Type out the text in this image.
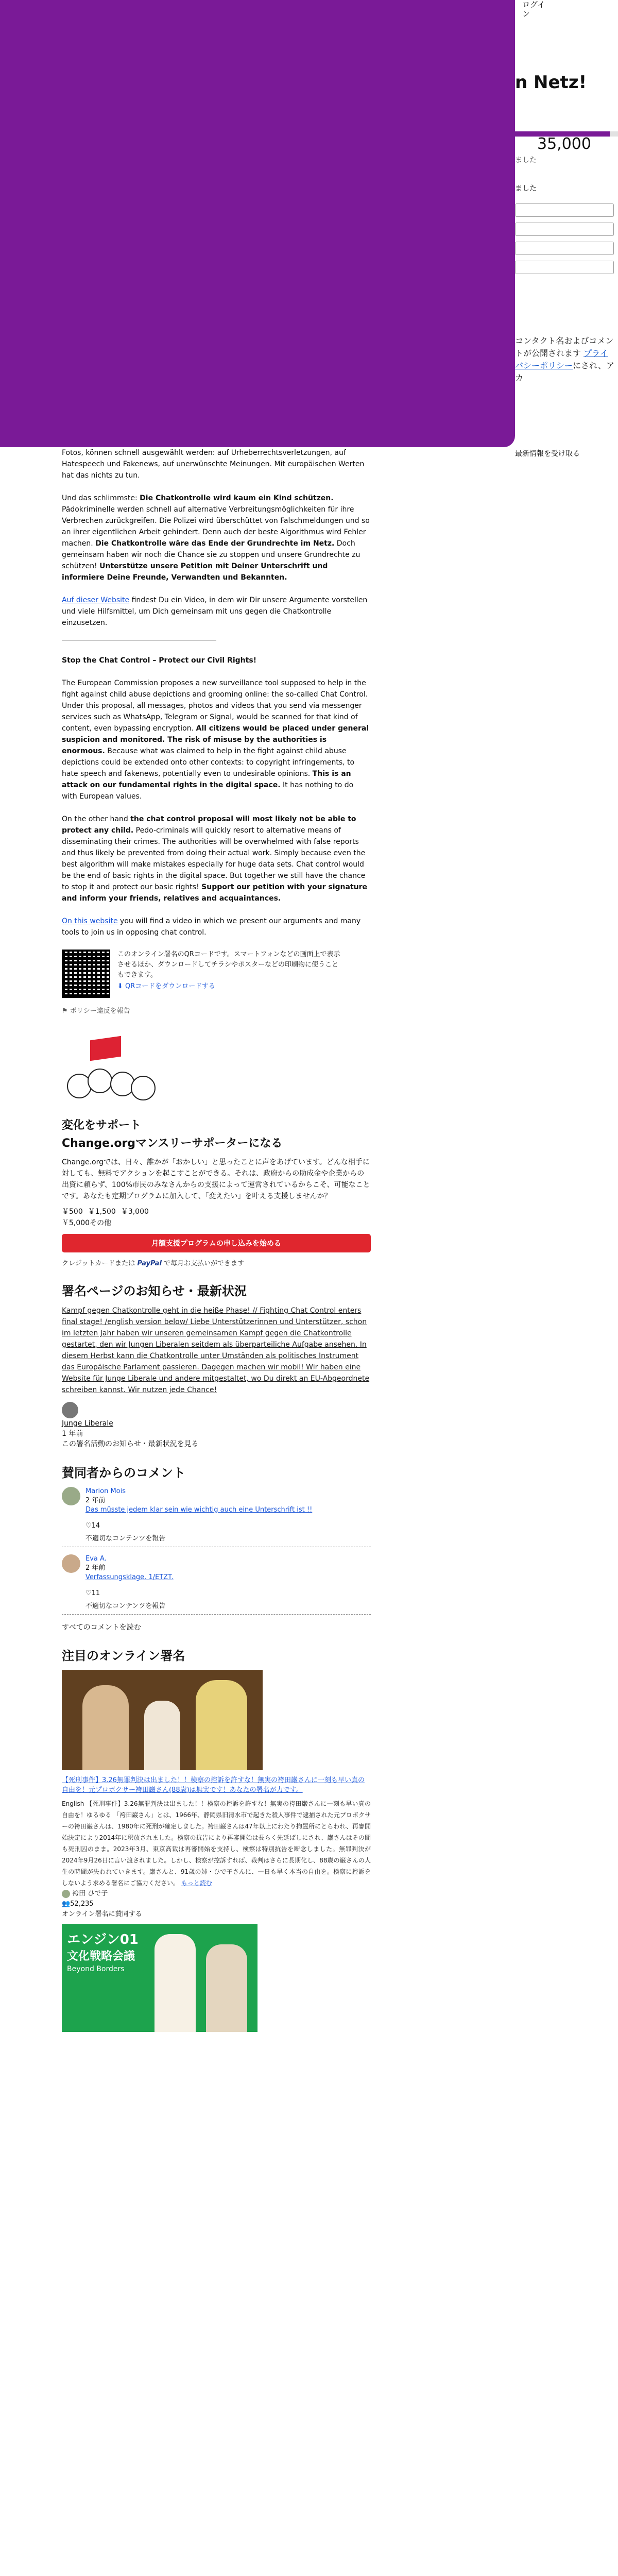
ログイ
ン
n Netz!
35,000
ました
ました
コンタクト名およびコメントが公開されます プライバシーポリシーにされ、アカ
最新情報を受け取る

Fotos, können schnell ausgewählt werden: auf Urheberrechtsverletzungen, auf Hatespeech und Fakenews, auf unerwünschte Meinungen. Mit europäischen Werten hat das nichts zu tun.

Und das schlimmste: Die Chatkontrolle wird kaum ein Kind schützen. Pädokriminelle werden schnell auf alternative Verbreitungsmöglichkeiten für ihre Verbrechen zurückgreifen. Die Polizei wird überschüttet von Falschmeldungen und so an ihrer eigentlichen Arbeit gehindert. Denn auch der beste Algorithmus wird Fehler machen. Die Chatkontrolle wäre das Ende der Grundrechte im Netz. Doch gemeinsam haben wir noch die Chance sie zu stoppen und unsere Grundrechte zu schützen! Unterstütze unsere Petition mit Deiner Unterschrift und informiere Deine Freunde, Verwandten und Bekannten.

Auf dieser Website findest Du ein Video, in dem wir Dir unsere Argumente vorstellen und viele Hilfsmittel, um Dich gemeinsam mit uns gegen die Chatkontrolle einzusetzen.

Stop the Chat Control – Protect our Civil Rights!

The European Commission proposes a new surveillance tool supposed to help in the fight against child abuse depictions and grooming online: the so-called Chat Control. Under this proposal, all messages, photos and videos that you send via messenger services such as WhatsApp, Telegram or Signal, would be scanned for that kind of content, even bypassing encryption. All citizens would be placed under general suspicion and monitored. The risk of misuse by the authorities is enormous. Because what was claimed to help in the fight against child abuse depictions could be extended onto other contexts: to copyright infringements, to hate speech and fakenews, potentially even to undesirable opinions. This is an attack on our fundamental rights in the digital space. It has nothing to do with European values.

On the other hand the chat control proposal will most likely not be able to protect any child. Pedo-criminals will quickly resort to alternative means of disseminating their crimes. The authorities will be overwhelmed with false reports and thus likely be prevented from doing their actual work. Simply because even the best algorithm will make mistakes especially for huge data sets. Chat control would be the end of basic rights in the digital space. But together we still have the chance to stop it and protect our basic rights! Support our petition with your signature and inform your friends, relatives and acquaintances.

On this website you will find a video in which we present our arguments and many tools to join us in opposing chat control.

このオンライン署名のQRコードです。スマートフォンなどの画面上で表示させるほか、ダウンロードしてチラシやポスターなどの印刷物に使うこともできます。
⬇ QRコードをダウンロードする
⚑ ポリシー違反を報告
変化をサポート
Change.orgマンスリーサポーターになる
Change.orgでは、日々、誰かが「おかしい」と思ったことに声をあげています。どんな相手に対しても、無料でアクションを起こすことができる。それは、政府からの助成金や企業からの出資に頼らず、100%市民のみなさんからの支援によって運営されているからこそ、可能なことです。あなたも定期プログラムに加入して、「変えたい」を叶える支援しませんか？
￥500 ￥1,500 ￥3,000
￥5,000その他
月額支援プログラムの申し込みを始める
クレジットカードまたは PayPal で毎月お支払いができます
署名ページのお知らせ・最新状況
Kampf gegen Chatkontrolle geht in die heiße Phase! // Fighting Chat Control enters final stage! /english version below/ Liebe Unterstützerinnen und Unterstützer, schon im letzten Jahr haben wir unseren gemeinsamen Kampf gegen die Chatkontrolle gestartet, den wir Jungen Liberalen seitdem als überparteiliche Aufgabe ansehen. In diesem Herbst kann die Chatkontrolle unter Umständen als politisches Instrument das Europäische Parlament passieren. Dagegen machen wir mobil! Wir haben eine Website für Junge Liberale und andere mitgestaltet, wo Du direkt an EU-Abgeordnete schreiben kannst. Wir nutzen jede Chance!
Junge Liberale
1 年前
この署名活動のお知らせ・最新状況を見る
賛同者からのコメント
Marion Mois
2 年前
Das müsste jedem klar sein wie wichtig auch eine Unterschrift ist !!
♡14
不適切なコンテンツを報告
Eva A.
2 年前
Verfassungsklage. 1/ETZT.
♡11
不適切なコンテンツを報告
すべてのコメントを読む
注目のオンライン署名
【死刑事件】3.26無罪判決は出ました！！検察の控訴を許すな！無実の袴田巌さんに一刻も早い真の自由を！元プロボクサー袴田巌さん(88歳)は無実です！あなたの署名が力です。
English 【死刑事件】3.26無罪判決は出ました！！検察の控訴を許すな！無実の袴田巌さんに一刻も早い真の自由を！ゆるゆる 「袴田巌さん」とは、1966年、静岡県旧清水市で起きた殺人事件で逮捕された元プロボクサーの袴田巌さんは、1980年に死刑が確定しました。袴田巌さんは47年以上にわたり拘置所にとらわれ、再審開始決定により2014年に釈放されました。検察の抗告により再審開始は長らく先延ばしにされ、巌さんはその間も死刑囚のまま。2023年3月、東京高裁は再審開始を支持し、検察は特別抗告を断念しました。無罪判決が2024年9月26日に言い渡されました。しかし、検察が控訴すれば、裁判はさらに長期化し、88歳の巌さんの人生の時間が失われていきます。巌さんと、91歳の姉・ひで子さんに、一日も早く本当の自由を。検察に控訴をしないよう求める署名にご協力ください。 もっと読む
袴田 ひで子
👥52,235
オンライン署名に賛同する
エンジン01
文化戦略会議
Beyond Borders
